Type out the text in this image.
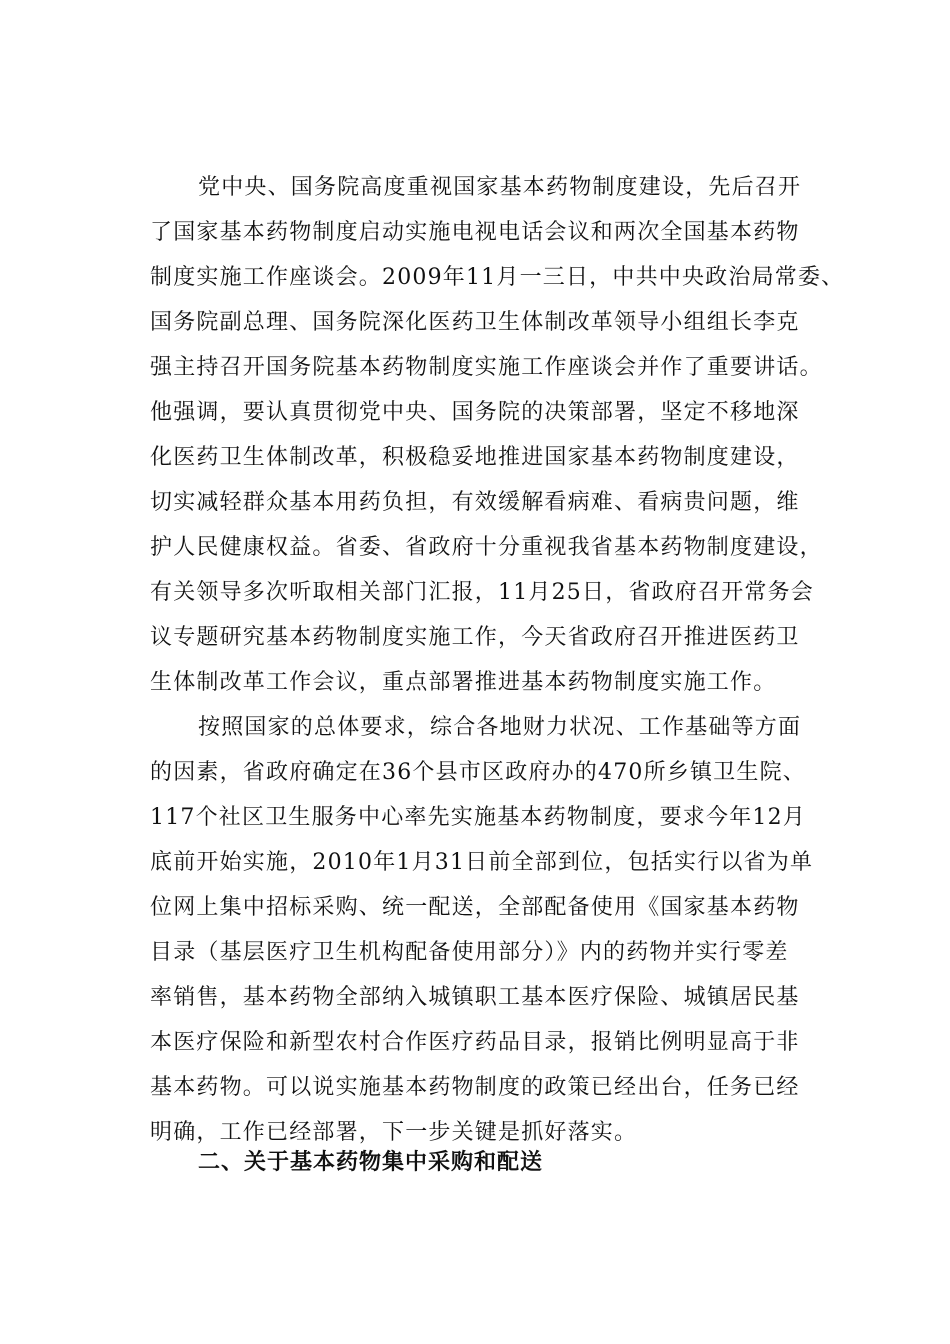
党中央、国务院高度重视国家基本药物制度建设，先后召开
了国家基本药物制度启动实施电视电话会议和两次全国基本药物
制度实施工作座谈会。2009年11月一三日，中共中央政治局常委、
国务院副总理、国务院深化医药卫生体制改革领导小组组长李克
强主持召开国务院基本药物制度实施工作座谈会并作了重要讲话。
他强调，要认真贯彻党中央、国务院的决策部署，坚定不移地深
化医药卫生体制改革，积极稳妥地推进国家基本药物制度建设，
切实减轻群众基本用药负担，有效缓解看病难、看病贵问题，维
护人民健康权益。省委、省政府十分重视我省基本药物制度建设，
有关领导多次听取相关部门汇报，11月25日，省政府召开常务会
议专题研究基本药物制度实施工作，今天省政府召开推进医药卫
生体制改革工作会议，重点部署推进基本药物制度实施工作。
按照国家的总体要求，综合各地财力状况、工作基础等方面
的因素，省政府确定在36个县市区政府办的470所乡镇卫生院、
117个社区卫生服务中心率先实施基本药物制度，要求今年12月
底前开始实施，2010年1月31日前全部到位，包括实行以省为单
位网上集中招标采购、统一配送，全部配备使用《国家基本药物
目录（基层医疗卫生机构配备使用部分）》内的药物并实行零差
率销售，基本药物全部纳入城镇职工基本医疗保险、城镇居民基
本医疗保险和新型农村合作医疗药品目录，报销比例明显高于非
基本药物。可以说实施基本药物制度的政策已经出台，任务已经
明确，工作已经部署，下一步关键是抓好落实。
二、关于基本药物集中采购和配送
